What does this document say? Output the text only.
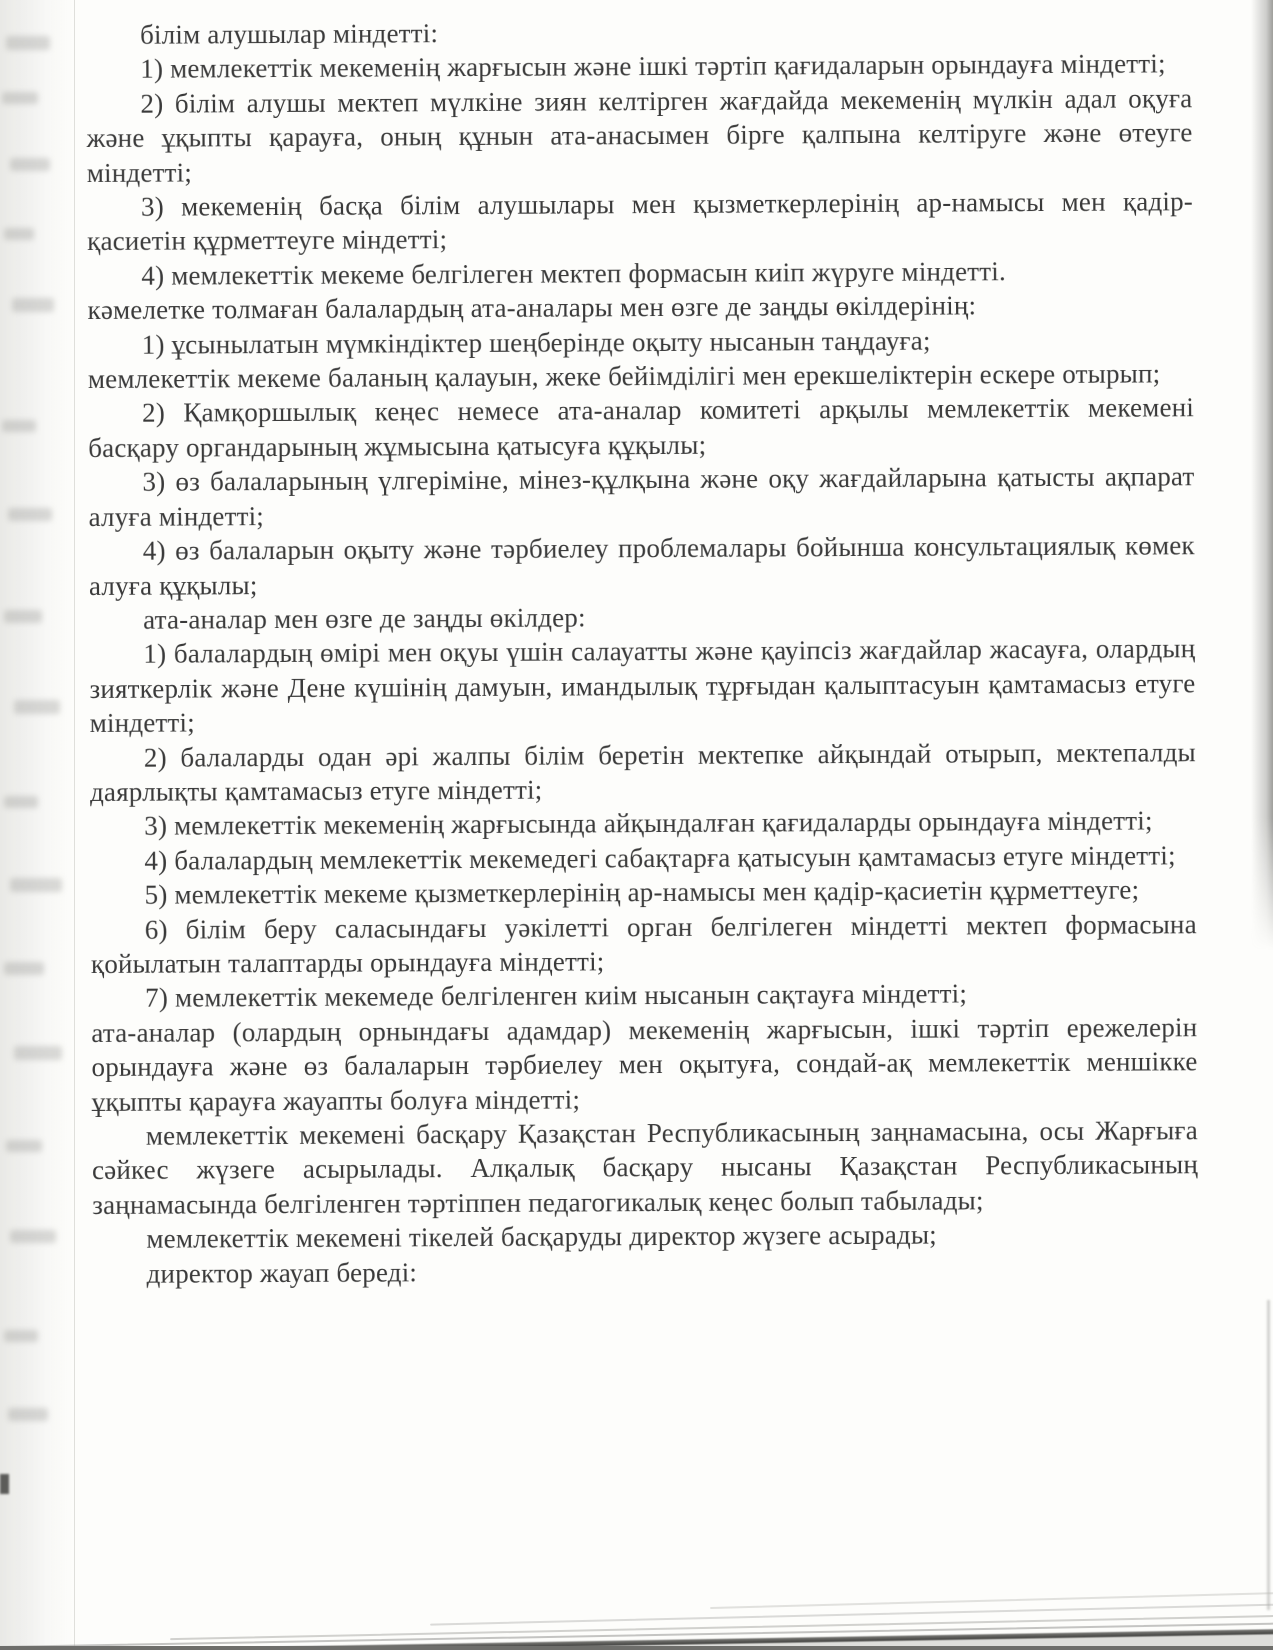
білім алушылар міндетті:

1) мемлекеттік мекеменің жарғысын және ішкі тәртіп қағидаларын орындауға міндетті;

2) білім алушы мектеп мүлкіне зиян келтірген жағдайда мекеменің мүлкін адал оқуға және ұқыпты қарауға, оның құнын ата-анасымен бірге қалпына келтіруге және өтеуге міндетті;

3) мекеменің басқа білім алушылары мен қызметкерлерінің ар-намысы мен қадір-қасиетін құрметтеуге міндетті;

4) мемлекеттік мекеме белгілеген мектеп формасын киіп жүруге міндетті.

кәмелетке толмаған балалардың ата-аналары мен өзге де заңды өкілдерінің:

1) ұсынылатын мүмкіндіктер шеңберінде оқыту нысанын таңдауға;

мемлекеттік мекеме баланың қалауын, жеке бейімділігі мен ерекшеліктерін ескере отырып;

2) Қамқоршылық кеңес немесе ата-аналар комитеті арқылы мемлекеттік мекемені басқару органдарының жұмысына қатысуға құқылы;

3) өз балаларының үлгеріміне, мінез-құлқына және оқу жағдайларына қатысты ақпарат алуға міндетті;

4) өз балаларын оқыту және тәрбиелеу проблемалары бойынша консультациялық көмек алуға құқылы;

ата-аналар мен өзге де заңды өкілдер:

1) балалардың өмірі мен оқуы үшін салауатты және қауіпсіз жағдайлар жасауға, олардың зияткерлік және Дене күшінің дамуын, имандылық тұрғыдан қалыптасуын қамтамасыз етуге міндетті;

2) балаларды одан әрі жалпы білім беретін мектепке айқындай отырып, мектепалды даярлықты қамтамасыз етуге міндетті;

3) мемлекеттік мекеменің жарғысында айқындалған қағидаларды орындауға міндетті;

4) балалардың мемлекеттік мекемедегі сабақтарға қатысуын қамтамасыз етуге міндетті;

5) мемлекеттік мекеме қызметкерлерінің ар-намысы мен қадір-қасиетін құрметтеуге;

6) білім беру саласындағы уәкілетті орган белгілеген міндетті мектеп формасына қойылатын талаптарды орындауға міндетті;

7) мемлекеттік мекемеде белгіленген киім нысанын сақтауға міндетті;

ата-аналар (олардың орнындағы адамдар) мекеменің жарғысын, ішкі тәртіп ережелерін орындауға және өз балаларын тәрбиелеу мен оқытуға, сондай-ақ мемлекеттік меншікке ұқыпты қарауға жауапты болуға міндетті;

мемлекеттік мекемені басқару Қазақстан Республикасының заңнамасына, осы Жарғыға сәйкес жүзеге асырылады. Алқалық басқару нысаны Қазақстан Республикасының заңнамасында белгіленген тәртіппен педагогикалық кеңес болып табылады;

мемлекеттік мекемені тікелей басқаруды директор жүзеге асырады;

директор жауап береді:
